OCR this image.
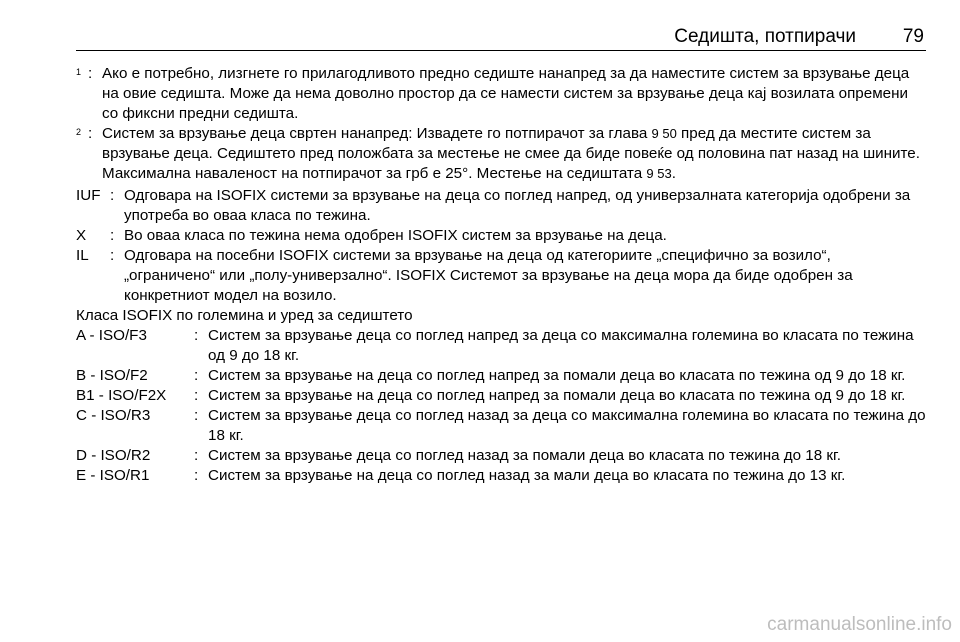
Седишта, потпирачи 79
$^1$ : Ако е потребно, лизгнете го прилагодливото предно седиште нанапред за да наместите систем за врзување деца на овие седишта. Може да нема доволно простор да се намести систем за врзување деца кај возилата опремени со фиксни предни седишта.
$^2$ : Систем за врзување деца свртен нанапред: Извадете го потпирачот за глава 9 50 пред да местите систем за врзување деца. Седиштето пред положбата за местење не смее да биде повеќе од половина пат назад на шините. Максимална навaленост на потпирачот за грб е 25°. Местење на седиштата 9 53.
IUF : Одговара на ISOFIX системи за врзување на деца со поглед напред, од универзалната категорија одобрени за употреба во оваа класа по тежина.
X	: Во оваа класа по тежина нема одобрен ISOFIX систем за врзување на деца.
IL	: Одговара на посебни ISOFIX системи за врзување на деца од категориите „специфично за возило“, „ограничено“ или „полу-универзално“. ISOFIX Системот за врзување на деца мора да биде одобрен за конкретниот модел на возило.
Класа ISOFIX по големина и уред за седиштето
A - ISO/F3	: Систем за врзување деца со поглед напред за деца со максимална големина во класата по тежина од 9 до 18 кг.
B - ISO/F2	: Систем за врзување на деца со поглед напред за помали деца во класата по тежина од 9 до 18 кг.
B1 - ISO/F2X	: Систем за врзување на деца со поглед напред за помали деца во класата по тежина од 9 до 18 кг.
C - ISO/R3	: Систем за врзување деца со поглед назад за деца со максимална големина во класата по тежина до 18 кг.
D - ISO/R2	: Систем за врзување деца со поглед назад за помали деца во класата по тежина до 18 кг.
E - ISO/R1	: Систем за врзување на деца со поглед назад за мали деца во класата по тежина до 13 кг.
carmanualsonline.info
